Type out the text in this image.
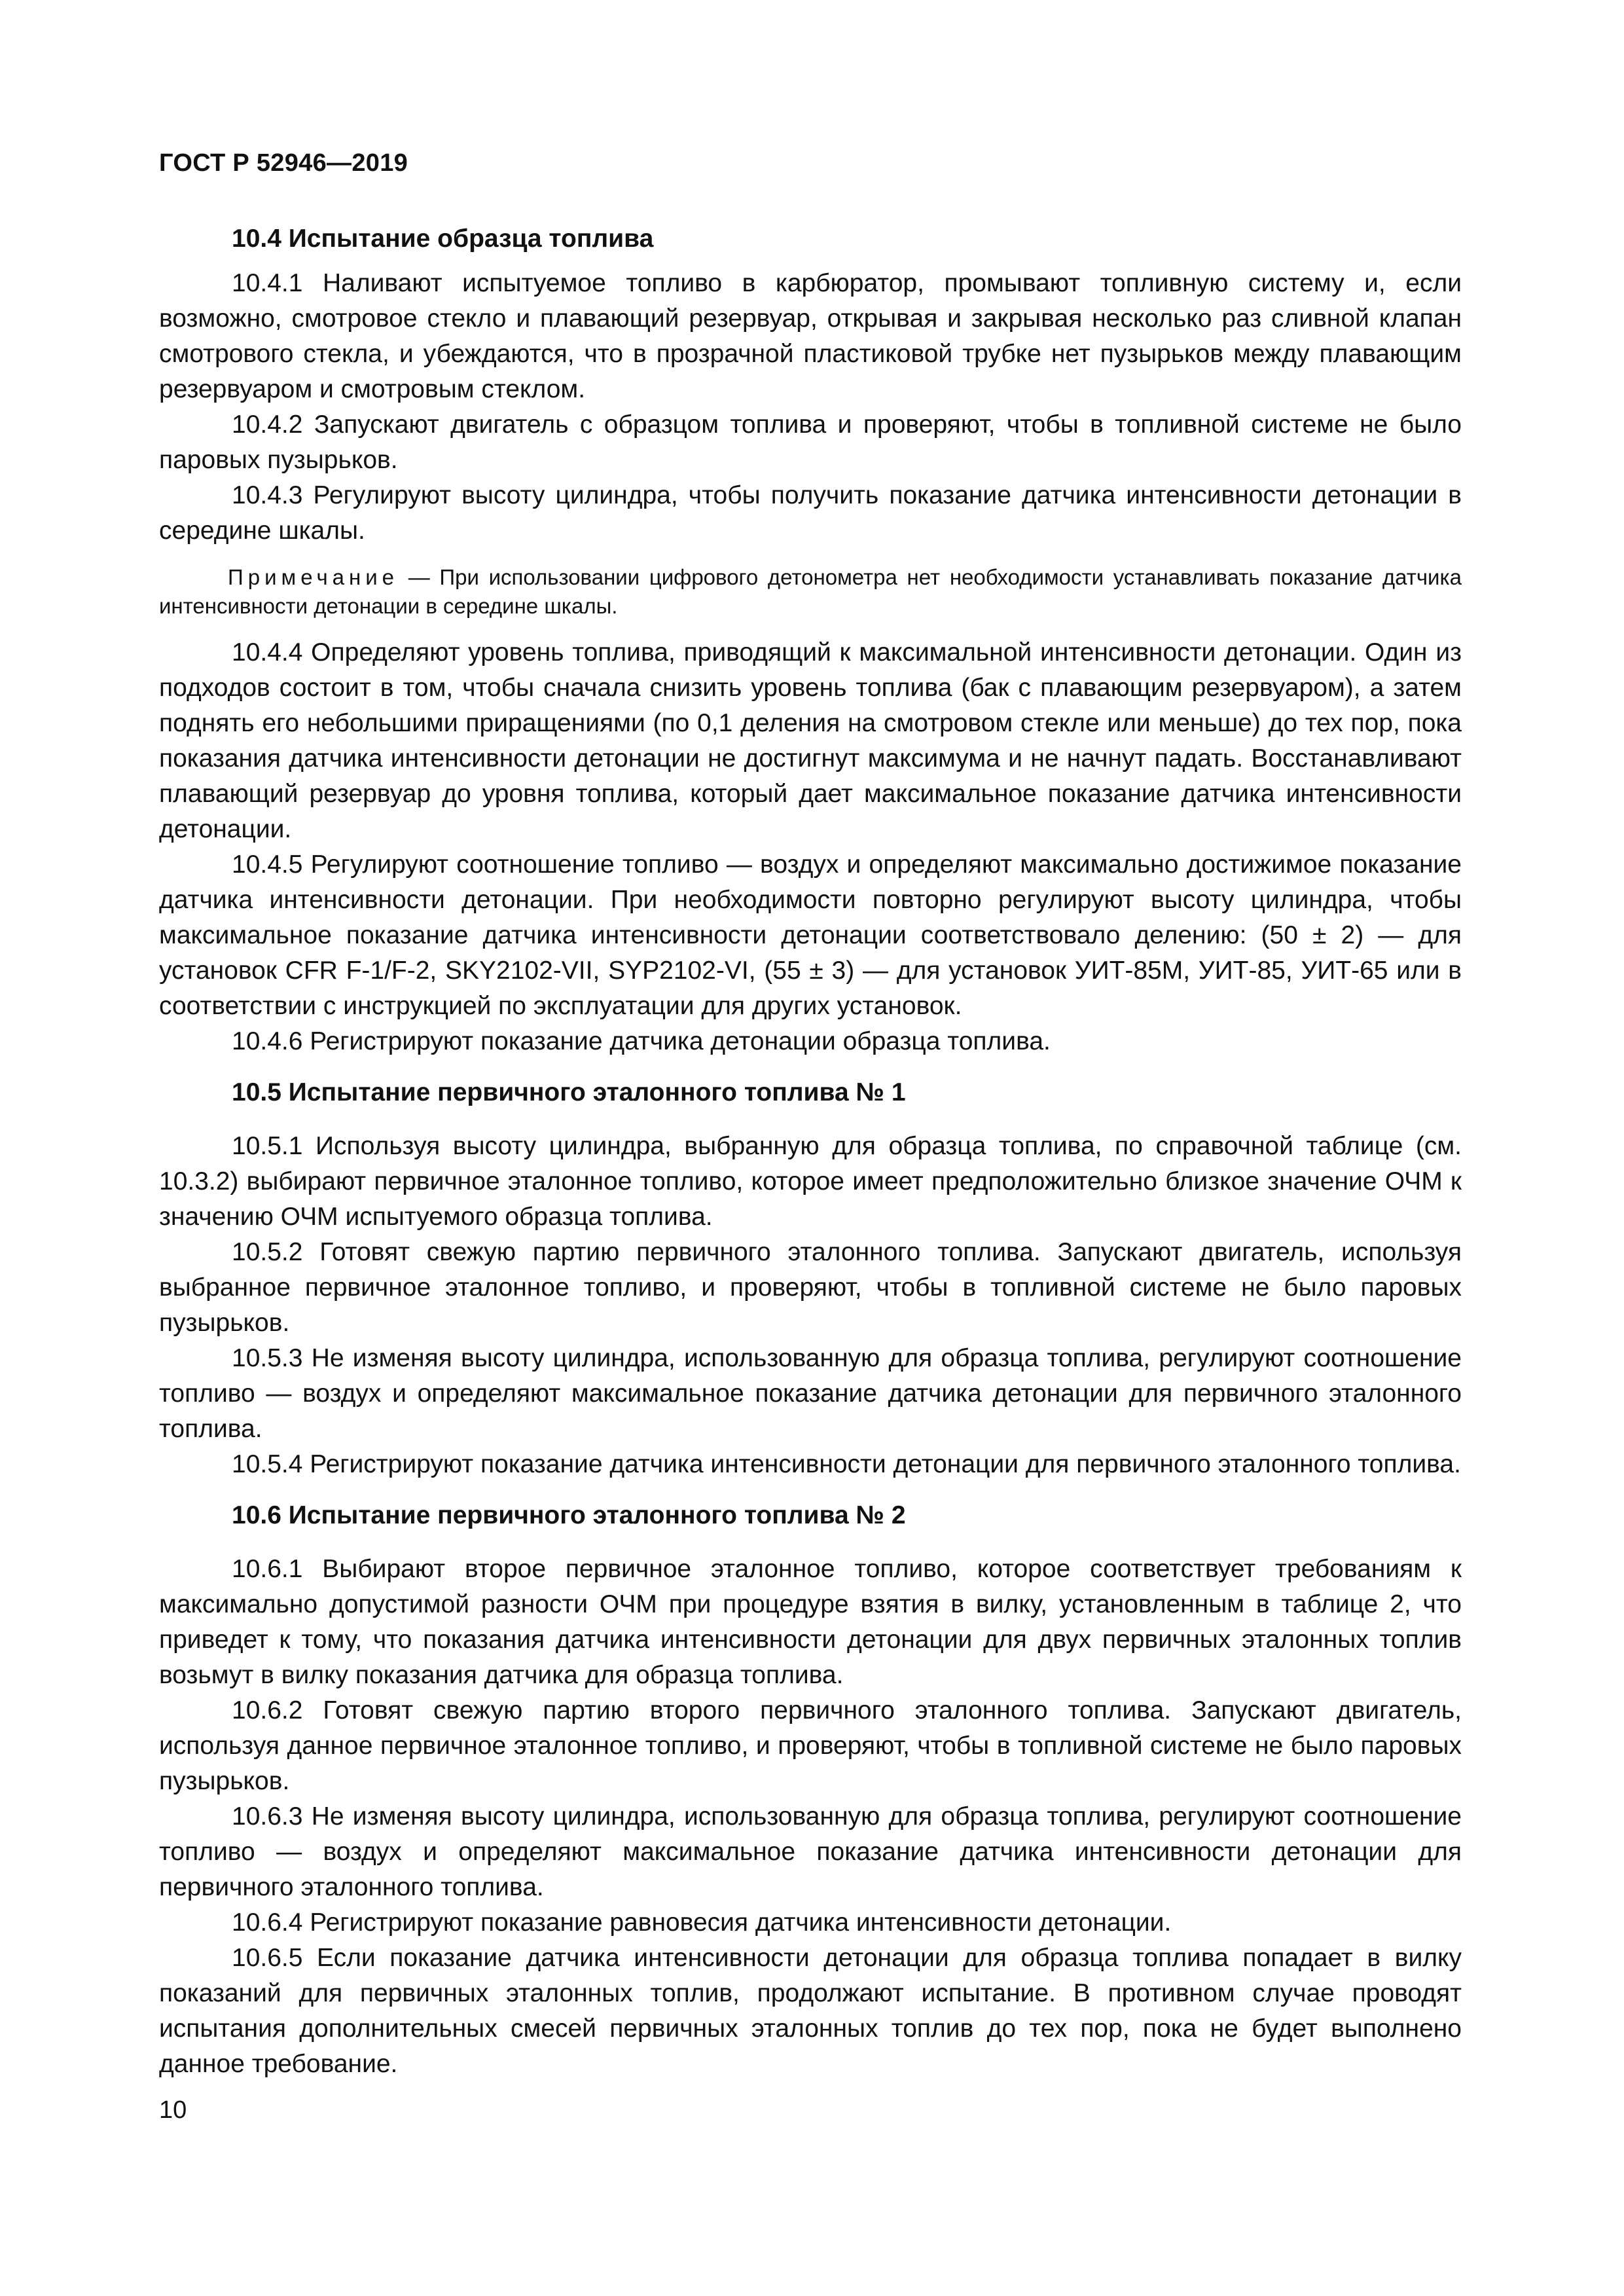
ГОСТ Р 52946—2019
10.4 Испытание образца топлива

10.4.1 Наливают испытуемое топливо в карбюратор, промывают топливную систему и, если возможно, смотровое стекло и плавающий резервуар, открывая и закрывая несколько раз сливной клапан смотрового стекла, и убеждаются, что в прозрачной пластиковой трубке нет пузырьков между плавающим резервуаром и смотровым стеклом.

10.4.2 Запускают двигатель с образцом топлива и проверяют, чтобы в топливной системе не было паровых пузырьков.

10.4.3 Регулируют высоту цилиндра, чтобы получить показание датчика интенсивности детонации в середине шкалы.

Примечание — При использовании цифрового детонометра нет необходимости устанавливать показание датчика интенсивности детонации в середине шкалы.

10.4.4 Определяют уровень топлива, приводящий к максимальной интенсивности детонации. Один из подходов состоит в том, чтобы сначала снизить уровень топлива (бак с плавающим резервуаром), а затем поднять его небольшими приращениями (по 0,1 деления на смотровом стекле или меньше) до тех пор, пока показания датчика интенсивности детонации не достигнут максимума и не начнут падать. Восстанавливают плавающий резервуар до уровня топлива, который дает максимальное показание датчика интенсивности детонации.

10.4.5 Регулируют соотношение топливо — воздух и определяют максимально достижимое показание датчика интенсивности детонации. При необходимости повторно регулируют высоту цилиндра, чтобы максимальное показание датчика интенсивности детонации соответствовало делению: (50 ± 2) — для установок CFR F-1/F-2, SKY2102-VII, SYP2102-VI, (55 ± 3) — для установок УИТ-85М, УИТ-85, УИТ-65 или в соответствии с инструкцией по эксплуатации для других установок.

10.4.6 Регистрируют показание датчика детонации образца топлива.

10.5 Испытание первичного эталонного топлива № 1

10.5.1 Используя высоту цилиндра, выбранную для образца топлива, по справочной таблице (см. 10.3.2) выбирают первичное эталонное топливо, которое имеет предположительно близкое значение ОЧМ к значению ОЧМ испытуемого образца топлива.

10.5.2 Готовят свежую партию первичного эталонного топлива. Запускают двигатель, используя выбранное первичное эталонное топливо, и проверяют, чтобы в топливной системе не было паровых пузырьков.

10.5.3 Не изменяя высоту цилиндра, использованную для образца топлива, регулируют соотношение топливо — воздух и определяют максимальное показание датчика детонации для первичного эталонного топлива.

10.5.4 Регистрируют показание датчика интенсивности детонации для первичного эталонного топлива.

10.6 Испытание первичного эталонного топлива № 2

10.6.1 Выбирают второе первичное эталонное топливо, которое соответствует требованиям к максимально допустимой разности ОЧМ при процедуре взятия в вилку, установленным в таблице 2, что приведет к тому, что показания датчика интенсивности детонации для двух первичных эталонных топлив возьмут в вилку показания датчика для образца топлива.

10.6.2 Готовят свежую партию второго первичного эталонного топлива. Запускают двигатель, используя данное первичное эталонное топливо, и проверяют, чтобы в топливной системе не было паровых пузырьков.

10.6.3 Не изменяя высоту цилиндра, использованную для образца топлива, регулируют соотношение топливо — воздух и определяют максимальное показание датчика интенсивности детонации для первичного эталонного топлива.

10.6.4 Регистрируют показание равновесия датчика интенсивности детонации.

10.6.5 Если показание датчика интенсивности детонации для образца топлива попадает в вилку показаний для первичных эталонных топлив, продолжают испытание. В противном случае проводят испытания дополнительных смесей первичных эталонных топлив до тех пор, пока не будет выполнено данное требование.

10
